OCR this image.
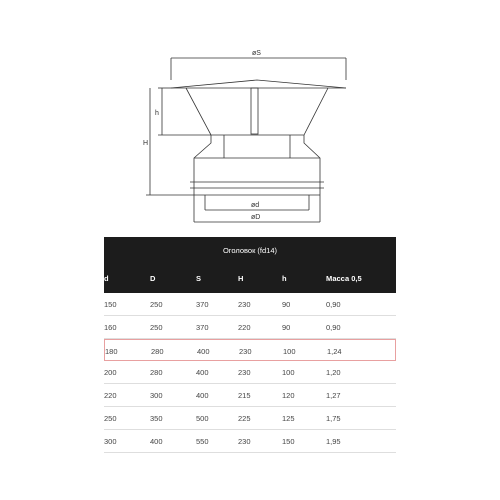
øS
h
H
ød
øD
Оголовок (fd14)
d	D	S	H	h	Масса 0,5
150	250	370	230	90	0,90
160	250	370	220	90	0,90
180	280	400	230	100	1,24
200	280	400	230	100	1,20
220	300	400	215	120	1,27
250	350	500	225	125	1,75
300	400	550	230	150	1,95
